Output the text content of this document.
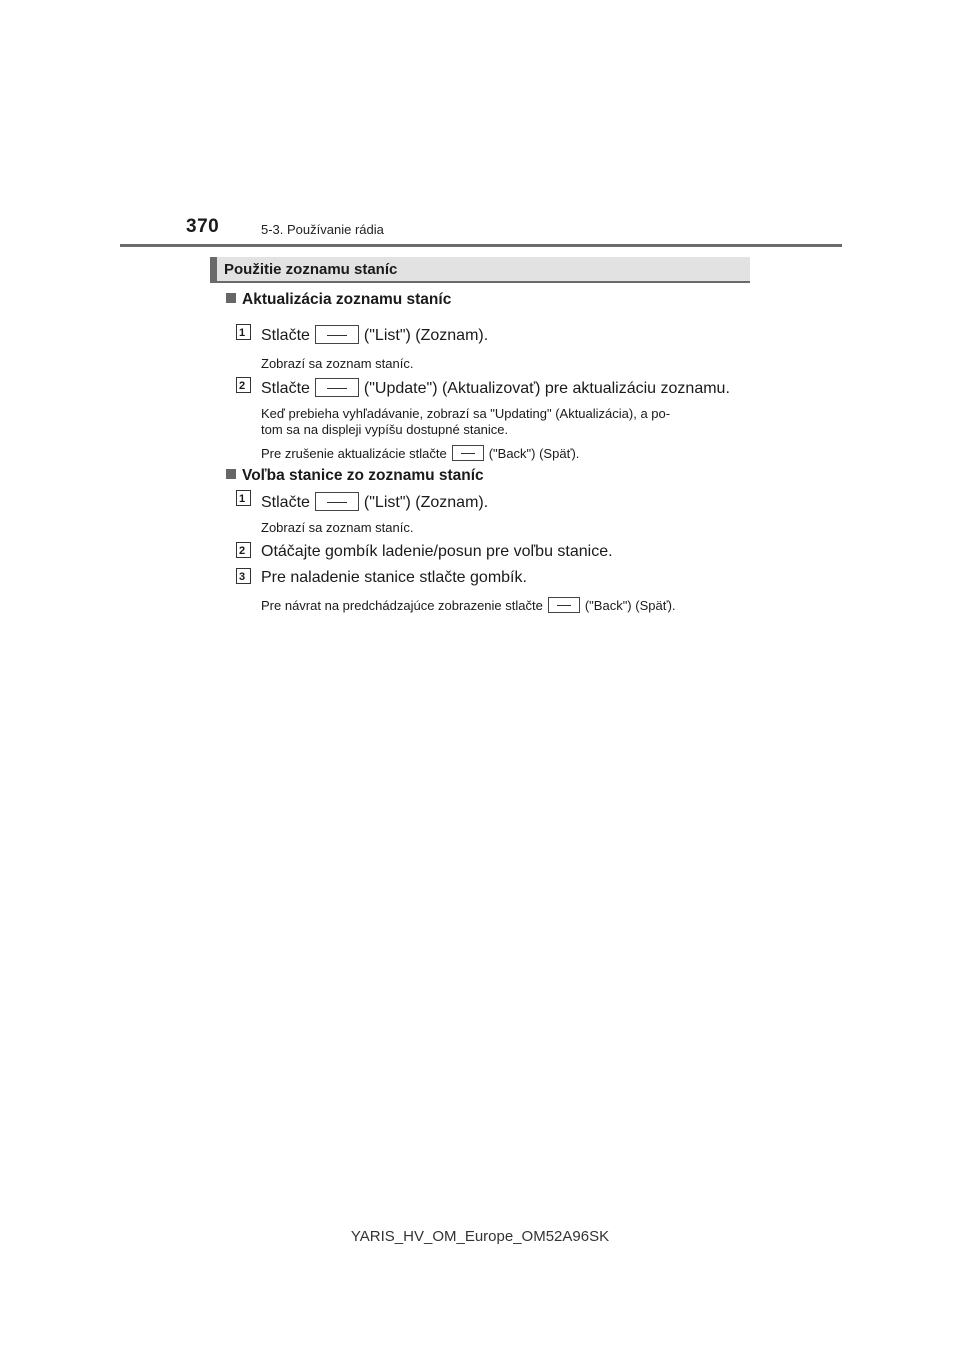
370	5-3. Používanie rádia
Použitie zoznamu staníc
Aktualizácia zoznamu staníc
1 Stlačte	("List") (Zoznam).
Zobrazí sa zoznam staníc.
2 Stlačte	("Update") (Aktualizovať) pre aktualizáciu zoznamu.
Keď prebieha vyhľadávanie, zobrazí sa "Updating" (Aktualizácia), a po-
tom sa na displeji vypíšu dostupné stanice.
Pre zrušenie aktualizácie stlačte	("Back") (Späť).
Voľba stanice zo zoznamu staníc
1 Stlačte	("List") (Zoznam).
Zobrazí sa zoznam staníc.
2 Otáčajte gombík ladenie/posun pre voľbu stanice.
3 Pre naladenie stanice stlačte gombík.
Pre návrat na predchádzajúce zobrazenie stlačte	("Back") (Späť).
YARIS_HV_OM_Europe_OM52A96SK
